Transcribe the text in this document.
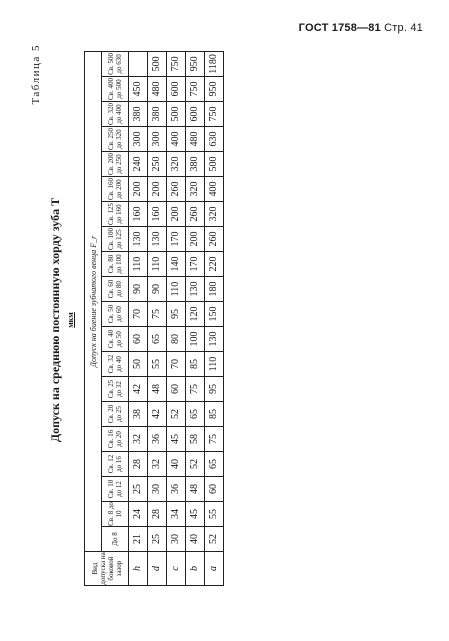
ГОСТ 1758—81 Стр. 41
Таблица 5
Допуск на среднюю постоянную хорду зуба T мкм
Вид допуска на боковой зазор	Допуск на биение зубчатого венца F_r																			
	До 8	Св. 8 до 10	Св. 10 до 12	Св. 12 до 16	Св. 16 до 20	Св. 20 до 25	Св. 25 до 32	Св. 32 до 40	Св. 40 до 50	Св. 50 до 60	Св. 60 до 80	Св. 80 до 100	Св. 100 до 125	Св. 125 до 160	Св. 160 до 200	Св. 200 до 250	Св. 250 до 320	Св. 320 до 400	Св. 400 до 500	Св. 500 до 630
h	21	24	25	28	32	38	42	50	60	70	90	110	130	160	200	240	300	380	450	
d	25	28	30	32	36	42	48	55	65	75	90	110	130	160	200	250	300	380	480	500
c	30	34	36	40	45	52	60	70	80	95	110	140	170	200	260	320	400	500	600	750
b	40	45	48	52	58	65	75	85	100	120	130	170	200	260	320	380	480	600	750	950
a	52	55	60	65	75	85	95	110	130	150	180	220	260	320	400	500	630	750	950	1180
